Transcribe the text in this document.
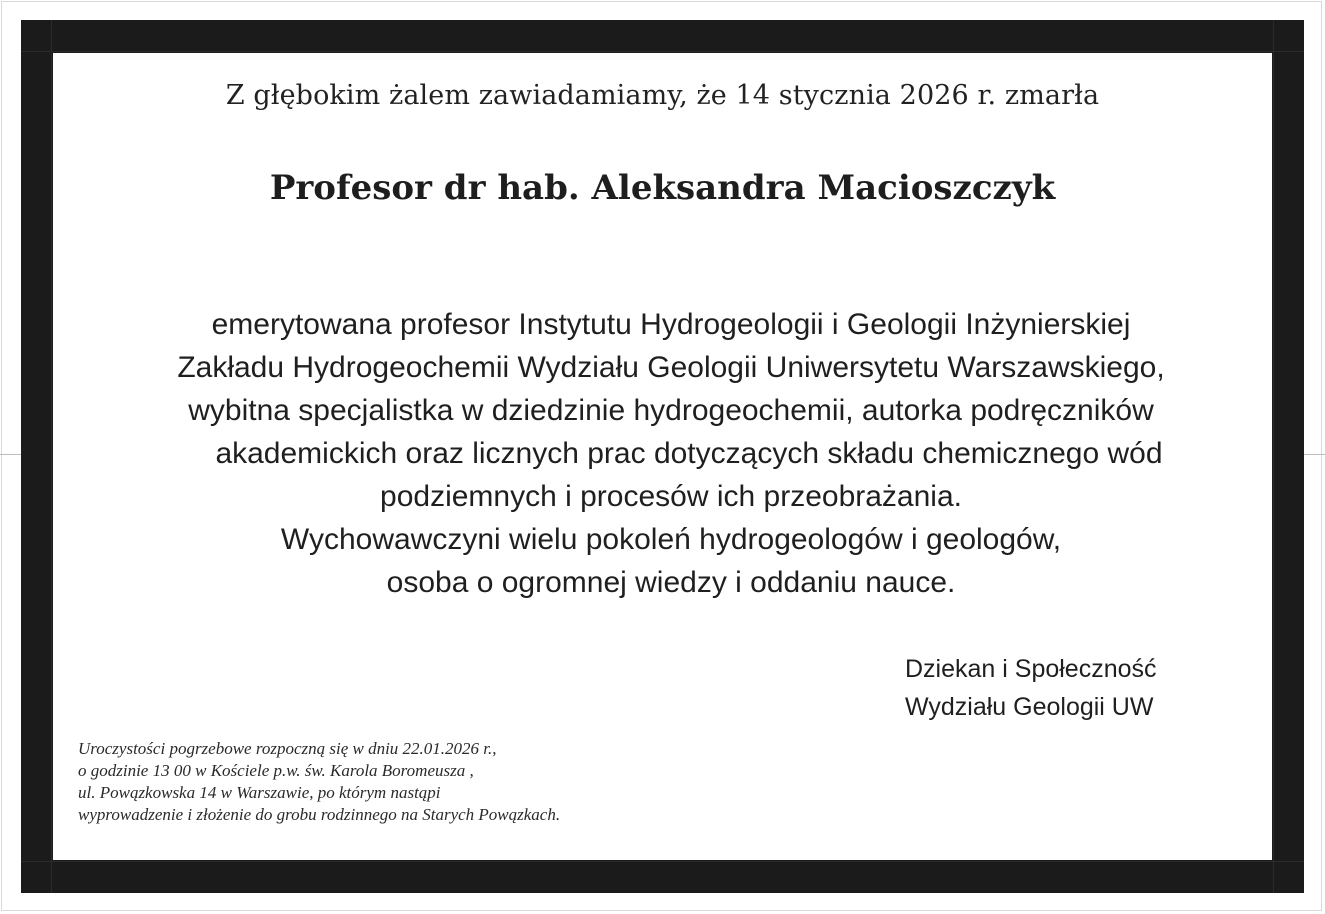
Z głębokim żalem zawiadamiamy, że 14 stycznia 2026 r. zmarła
Profesor dr hab. Aleksandra Macioszczyk
emerytowana profesor Instytutu Hydrogeologii i Geologii Inżynierskiej
Zakładu Hydrogeochemii Wydziału Geologii Uniwersytetu Warszawskiego,
wybitna specjalistka w dziedzinie hydrogeochemii, autorka podręczników
akademickich oraz licznych prac dotyczących składu chemicznego wód
podziemnych i procesów ich przeobrażania.
Wychowawczyni wielu pokoleń hydrogeologów i geologów,
osoba o ogromnej wiedzy i oddaniu nauce.
Dziekan i Społeczność
Wydziału Geologii UW
Uroczystości pogrzebowe rozpoczną się w dniu 22.01.2026 r.,
o godzinie 13 00 w Kościele p.w. św. Karola Boromeusza ,
ul. Powązkowska 14 w Warszawie, po którym nastąpi
wyprowadzenie i złożenie do grobu rodzinnego na Starych Powązkach.
